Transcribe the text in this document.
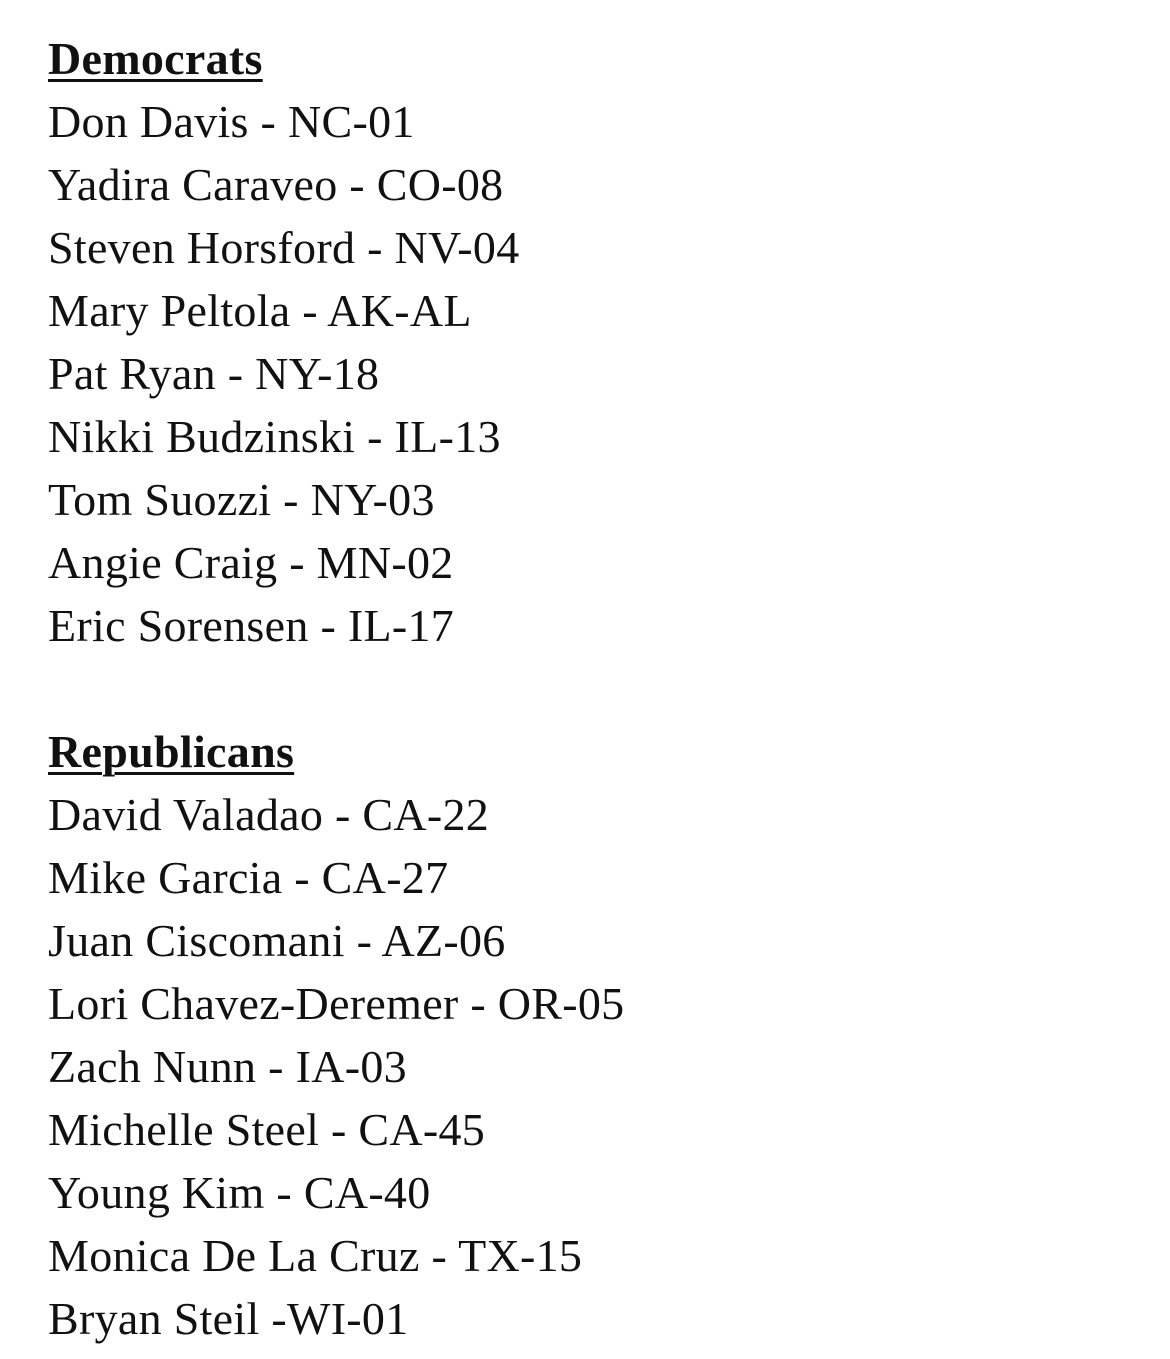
Democrats
Don Davis - NC-01
Yadira Caraveo - CO-08
Steven Horsford - NV-04
Mary Peltola - AK-AL
Pat Ryan - NY-18
Nikki Budzinski - IL-13
Tom Suozzi - NY-03
Angie Craig - MN-02
Eric Sorensen - IL-17
Republicans
David Valadao - CA-22
Mike Garcia - CA-27
Juan Ciscomani - AZ-06
Lori Chavez-Deremer - OR-05
Zach Nunn - IA-03
Michelle Steel - CA-45
Young Kim - CA-40
Monica De La Cruz - TX-15
Bryan Steil -WI-01
